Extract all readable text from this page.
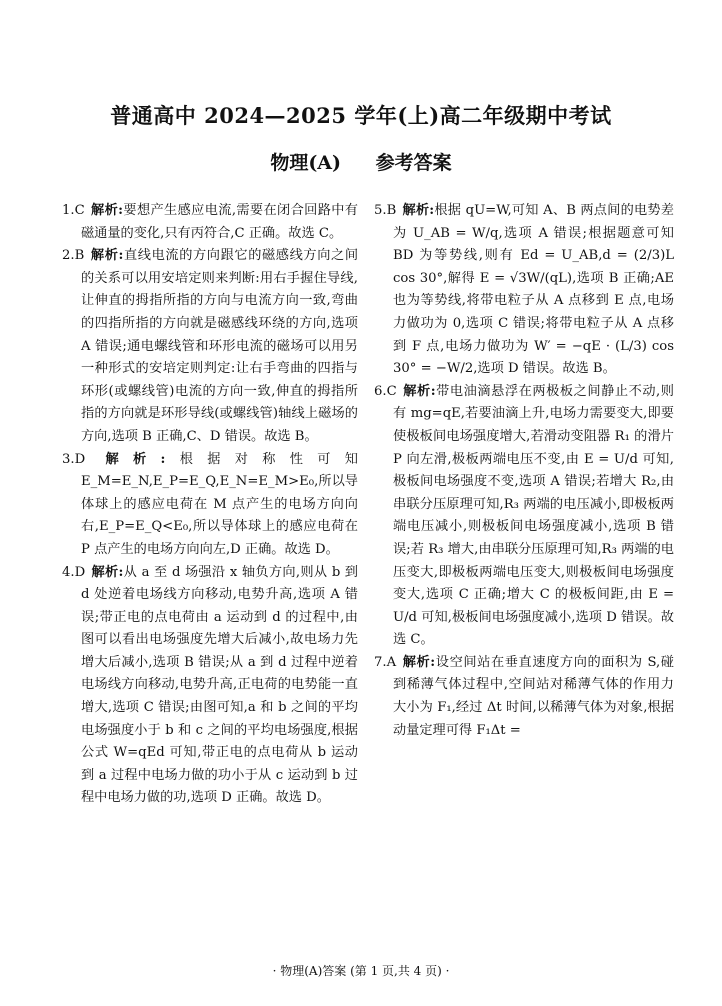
普通高中 2024—2025 学年(上)高二年级期中考试
物理(A) 参考答案

1.C 解析:要想产生感应电流,需要在闭合回路中有磁通量的变化,只有丙符合,C 正确。故选 C。

2.B 解析:直线电流的方向跟它的磁感线方向之间的关系可以用安培定则来判断:用右手握住导线,让伸直的拇指所指的方向与电流方向一致,弯曲的四指所指的方向就是磁感线环绕的方向,选项 A 错误;通电螺线管和环形电流的磁场可以用另一种形式的安培定则判定:让右手弯曲的四指与环形(或螺线管)电流的方向一致,伸直的拇指所指的方向就是环形导线(或螺线管)轴线上磁场的方向,选项 B 正确,C、D 错误。故选 B。

3.D 解析:根据对称性可知 E_M=E_N,E_P=E_Q,E_N=E_M>E₀,所以导体球上的感应电荷在 M 点产生的电场方向向右,E_P=E_Q<E₀,所以导体球上的感应电荷在 P 点产生的电场方向向左,D 正确。故选 D。

4.D 解析:从 a 至 d 场强沿 x 轴负方向,则从 b 到 d 处逆着电场线方向移动,电势升高,选项 A 错误;带正电的点电荷由 a 运动到 d 的过程中,由图可以看出电场强度先增大后减小,故电场力先增大后减小,选项 B 错误;从 a 到 d 过程中逆着电场线方向移动,电势升高,正电荷的电势能一直增大,选项 C 错误;由图可知,a 和 b 之间的平均电场强度小于 b 和 c 之间的平均电场强度,根据公式 W=qEd 可知,带正电的点电荷从 b 运动到 a 过程中电场力做的功小于从 c 运动到 b 过程中电场力做的功,选项 D 正确。故选 D。

5.B 解析:根据 qU=W,可知 A、B 两点间的电势差为 U_AB = W/q,选项 A 错误;根据题意可知 BD 为等势线,则有 Ed = U_AB,d = (2/3)L cos 30°,解得 E = √3W/(qL),选项 B 正确;AE 也为等势线,将带电粒子从 A 点移到 E 点,电场力做功为 0,选项 C 错误;将带电粒子从 A 点移到 F 点,电场力做功为 W′ = −qE · (L/3) cos 30° = −W/2,选项 D 错误。故选 B。

6.C 解析:带电油滴悬浮在两极板之间静止不动,则有 mg=qE,若要油滴上升,电场力需要变大,即要使极板间电场强度增大,若滑动变阻器 R₁ 的滑片 P 向左滑,极板两端电压不变,由 E = U/d 可知,极板间电场强度不变,选项 A 错误;若增大 R₂,由串联分压原理可知,R₃ 两端的电压减小,即极板两端电压减小,则极板间电场强度减小,选项 B 错误;若 R₃ 增大,由串联分压原理可知,R₃ 两端的电压变大,即极板两端电压变大,则极板间电场强度变大,选项 C 正确;增大 C 的极板间距,由 E = U/d 可知,极板间电场强度减小,选项 D 错误。故选 C。

7.A 解析:设空间站在垂直速度方向的面积为 S,碰到稀薄气体过程中,空间站对稀薄气体的作用力大小为 F₁,经过 Δt 时间,以稀薄气体为对象,根据动量定理可得 F₁Δt =

· 物理(A)答案 (第 1 页,共 4 页) ·
